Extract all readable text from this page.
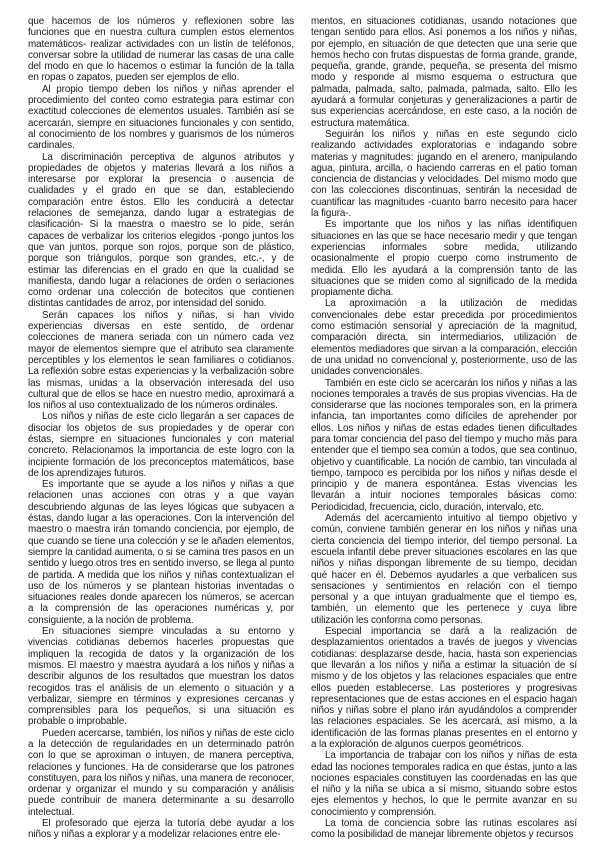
que hacemos de los números y reflexionen sobre las funciones que en nuestra cultura cumplen estos elementos matemáticos- realizar actividades con un listín de teléfonos, conversar sobre la utilidad de numerar las casas de una calle del modo en que lo hacemos o estimar la función de la talla en ropas o zapatos, pueden ser ejemplos de ello.

Al propio tiempo deben los niños y niñas aprender el procedimiento del conteo como estrategia para estimar con exactitud colecciones de elementos usuales. También así se acercarán, siempre en situaciones funcionales y con sentido, al conocimiento de los nombres y guarismos de los números cardinales.

La discriminación perceptiva de algunos atributos y propiedades de objetos y materias llevará a los niños a interesarse por explorar la presencia o ausencia de cualidades y el grado en que se dan, estableciendo comparación entre éstos. Ello les conducirá a detectar relaciones de semejanza, dando lugar a estrategias de clasificación- Si la maestra o maestro se lo pide, serán capaces de verbalizar los criterios elegidos -pongo juntos los que van juntos, porque son rojos, porque son de plástico, porque son triángulos, porque son grandes, etc.-, y de estimar las diferencias en el grado en que la cualidad se manifiesta, dando lugar a relaciones de orden o seriaciones como ordenar una colección de botecitos que contienen distintas cantidades de arroz, por intensidad del sonido.

Serán capaces los niños y niñas, si han vivido experiencias diversas en este sentido, de ordenar colecciones de manera seriada con un número cada vez mayor de elementos siempre que el atributo sea claramente perceptibles y los elementos le sean familiares o cotidianos. La reflexión sobre estas experiencias y la verbalización sobre las mismas, unidas a la observación interesada del uso cultural que de ellos se hace en nuestro medio, aproximará a los niños al uso contextualizado de los números ordinales.

Los niños y niñas de este ciclo llegarán a ser capaces de disociar los objetos de sus propiedades y de operar con éstas, siempre en situaciones funcionales y con material concreto. Relacionamos la importancia de este logro con la incipiente formación de los preconceptos matemáticos, base de los aprendizajes futuros.

Es importante que se ayude a los niños y niñas a que relacionen unas acciones con otras y a que vayan descubriendo algunas de las leyes lógicas que subyacen a éstas, dando lugar a las operaciones. Con la intervención del maestro o maestra irán tomando conciencia, por ejemplo, de que cuando se tiene una colección y se le añaden elementos, siempre la cantidad aumenta, o si se camina tres pasos en un sentido y luego otros tres en sentido inverso, se llega al punto de partida. A medida que los niños y niñas contextualizan el uso de los números y se plantean historias inventadas o situaciones reales donde aparecen los números, se acercan a la comprensión de las operaciones numéricas y, por consiguiente, a la noción de problema.

En situaciones siempre vinculadas a su entorno y vivencias cotidianas debemos hacerles propuestas que impliquen la recogida de datos y la organización de los mismos. El maestro y maestra ayudará a los niños y niñas a describir algunos de los resultados que muestran los datos recogidos tras el análisis de un elemento o situación y a verbalizar, siempre en términos y expresiones cercanas y comprensibles para los pequeños, si una situación es probable o improbable.

Pueden acercarse, también, los niños y niñas de este ciclo a la detección de regularidades en un determinado patrón con lo que se aproximan o intuyen, de manera perceptiva, relaciones y funciones. Ha de considerarse que los patrones constituyen, para los niños y niñas, una manera de reconocer, ordenar y organizar el mundo y su comparación y análisis puede contribuir de manera determinante a su desarrollo intelectual.

El profesorado que ejerza la tutoría debe ayudar a los niños y niñas a explorar y a modelizar relaciones entre ele-

mentos, en situaciones cotidianas, usando notaciones que tengan sentido para ellos. Así ponemos a los niños y niñas, por ejemplo, en situación de que detecten que una serie que hemos hecho con frutas dispuestas de forma grande, grande, pequeña, grande, grande, pequeña, se presenta del mismo modo y responde al mismo esquema o estructura que palmada, palmada, salto, palmada, palmada, salto. Ello les ayudará a formular conjeturas y generalizaciones a partir de sus experiencias acercándose, en este caso, a la noción de estructura matemática.

Seguirán los niños y niñas en este segundo ciclo realizando actividades exploratorias e indagando sobre materias y magnitudes: jugando en el arenero, manipulando agua, pintura, arcilla, o haciendo carreras en el patio toman conciencia de distancias y velocidades. Del mismo modo que con las colecciones discontinuas, sentirán la necesidad de cuantificar las magnitudes -cuanto barro necesito para hacer la figura-.

Es importante que los niños y las niñas identifiquen situaciones en las que se hace necesario medir y que tengan experiencias informales sobre medida, utilizando ocasionalmente el propio cuerpo como instrumento de medida. Ello les ayudará a la comprensión tanto de las situaciones que se miden como al significado de la medida propiamente dicha.

La aproximación a la utilización de medidas convencionales debe estar precedida por procedimientos como estimación sensorial y apreciación de la magnitud, comparación directa, sin intermediarios, utilización de elementos mediadores que sirvan a la comparación, elección de una unidad no convencional y, posteriormente, uso de las unidades convencionales.

También en este ciclo se acercarán los niños y niñas a las nociones temporales a través de sus propias vivencias. Ha de considerarse que las nociones temporales son, en la primera infancia, tan importantes como difíciles de aprehender por ellos. Los niños y niñas de estas edades tienen dificultades para tomar conciencia del paso del tiempo y mucho más para entender que el tiempo sea común a todos, que sea continuo, objetivo y cuantificable. La noción de cambio, tan vinculada al tiempo, tampoco es percibida por los niños y niñas desde el principio y de manera espontánea. Estas vivencias les llevarán a intuir nociones temporales básicas como: Periodicidad, frecuencia, ciclo, duración, intervalo, etc.

Además del acercamiento intuitivo al tiempo objetivo y común, conviene también generar en los niños y niñas una cierta conciencia del tiempo interior, del tiempo personal. La escuela infantil debe prever situaciones escolares en las que niños y niñas dispongan libremente de su tiempo, decidan qué hacer en él. Debemos ayudarles a que verbalicen sus sensaciones y sentimientos en relación con el tiempo personal y a que intuyan gradualmente que el tiempo es, también, un elemento que les pertenece y cuya libre utilización les conforma como personas.

Especial importancia se dará a la realización de desplazamientos orientados a través de juegos y vivencias cotidianas: desplazarse desde, hacia, hasta son experiencias que llevarán a los niños y niña a estimar la situación de sí mismo y de los objetos y las relaciones espaciales que entre ellos pueden establecerse. Las posteriores y progresivas representaciones que de estas acciones en el espacio hagan niños y niñas sobre el plano irán ayudándolos a comprender las relaciones espaciales. Se les acercará, así mismo, a la identificación de las formas planas presentes en el entorno y a la exploración de algunos cuerpos geométricos.

La importancia de trabajar con los niños y niñas de esta edad las nociones temporales radica en que éstas, junto a las nociones espaciales constituyen las coordenadas en las que el niño y la niña se ubica a sí mismo, situando sobre estos ejes elementos y hechos, lo que le permite avanzar en su conocimiento y comprensión.

La toma de conciencia sobre las rutinas escolares así como la posibilidad de manejar libremente objetos y recursos
